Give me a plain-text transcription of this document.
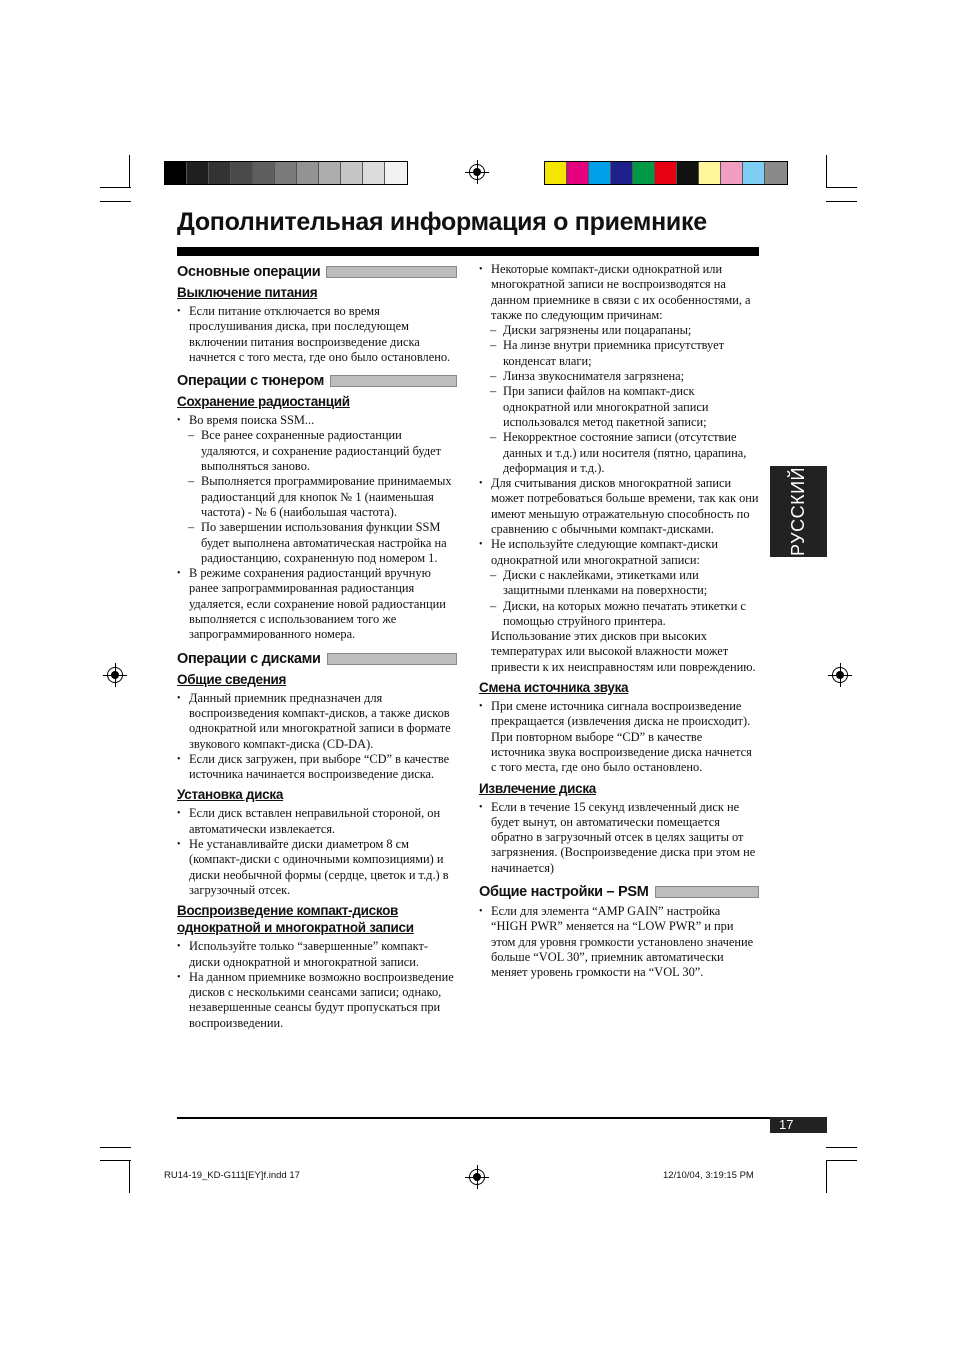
Дополнительная информация о приемнике
Основные операции
Выключение питания
• Если питание отключается во время прослушивания диска, при последующем включении питания воспроизведение диска начнется с того места, где оно было остановлено.
Операции с тюнером
Сохранение радиостанций
• Во время поиска SSM...
– Все ранее сохраненные радиостанции удаляются, и сохранение радиостанций будет выполняться заново.
– Выполняется программирование принимаемых радиостанций для кнопок № 1 (наименьшая частота) - № 6 (наибольшая частота).
– По завершении использования функции SSM будет выполнена автоматическая настройка на радиостанцию, сохраненную под номером 1.
• В режиме сохранения радиостанций вручную ранее запрограммированная радиостанция удаляется, если сохранение новой радиостанции выполняется с использованием того же запрограммированного номера.
Операции с дисками
Общие сведения
• Данный приемник предназначен для воспроизведения компакт-дисков, а также дисков однократной или многократной записи в формате звукового компакт-диска (CD-DA).
• Если диск загружен, при выборе “CD” в качестве источника начинается воспроизведение диска.
Установка диска
• Если диск вставлен неправильной стороной, он автоматически извлекается.
• Не устанавливайте диски диаметром 8 см (компакт-диски с одиночными композициями) и диски необычной формы (сердце, цветок и т.д.) в загрузочный отсек.
Воспроизведение компакт-дисков однократной и многократной записи
• Используйте только “завершенные” компакт-диски однократной и многократной записи.
• На данном приемнике возможно воспроизведение дисков с несколькими сеансами записи; однако, незавершенные сеансы будут пропускаться при воспроизведении.
• Некоторые компакт-диски однократной или многократной записи не воспроизводятся на данном приемнике в связи с их особенностями, а также по следующим причинам:
– Диски загрязнены или поцарапаны;
– На линзе внутри приемника присутствует конденсат влаги;
– Линза звукоснимателя загрязнена;
– При записи файлов на компакт-диск однократной или многократной записи использовался метод пакетной записи;
– Некорректное состояние записи (отсутствие данных и т.д.) или носителя (пятно, царапина, деформация и т.д.).
• Для считывания дисков многократной записи может потребоваться больше времени, так как они имеют меньшую отражательную способность по сравнению с обычными компакт-дисками.
• Не используйте следующие компакт-диски однократной или многократной записи:
– Диски с наклейками, этикетками или защитными пленками на поверхности;
– Диски, на которых можно печатать этикетки с помощью струйного принтера.
Использование этих дисков при высоких температурах или высокой влажности может привести к их неисправностям или повреждению.
Смена источника звука
• При смене источника сигнала воспроизведение прекращается (извлечения диска не происходит).
При повторном выборе “CD” в качестве источника звука воспроизведение диска начнется с того места, где оно было остановлено.
Извлечение диска
• Если в течение 15 секунд извлеченный диск не будет вынут, он автоматически помещается обратно в загрузочный отсек в целях защиты от загрязнения. (Воспроизведение диска при этом не начинается)
Общие настройки – PSM
• Если для элемента “AMP GAIN” настройка “HIGH PWR” меняется на “LOW PWR” и при этом для уровня громкости установлено значение больше “VOL 30”, приемник автоматически меняет уровень громкости на “VOL 30”.
РУССКИЙ
17
RU14-19_KD-G111[EY]f.indd 17	12/10/04, 3:19:15 PM
